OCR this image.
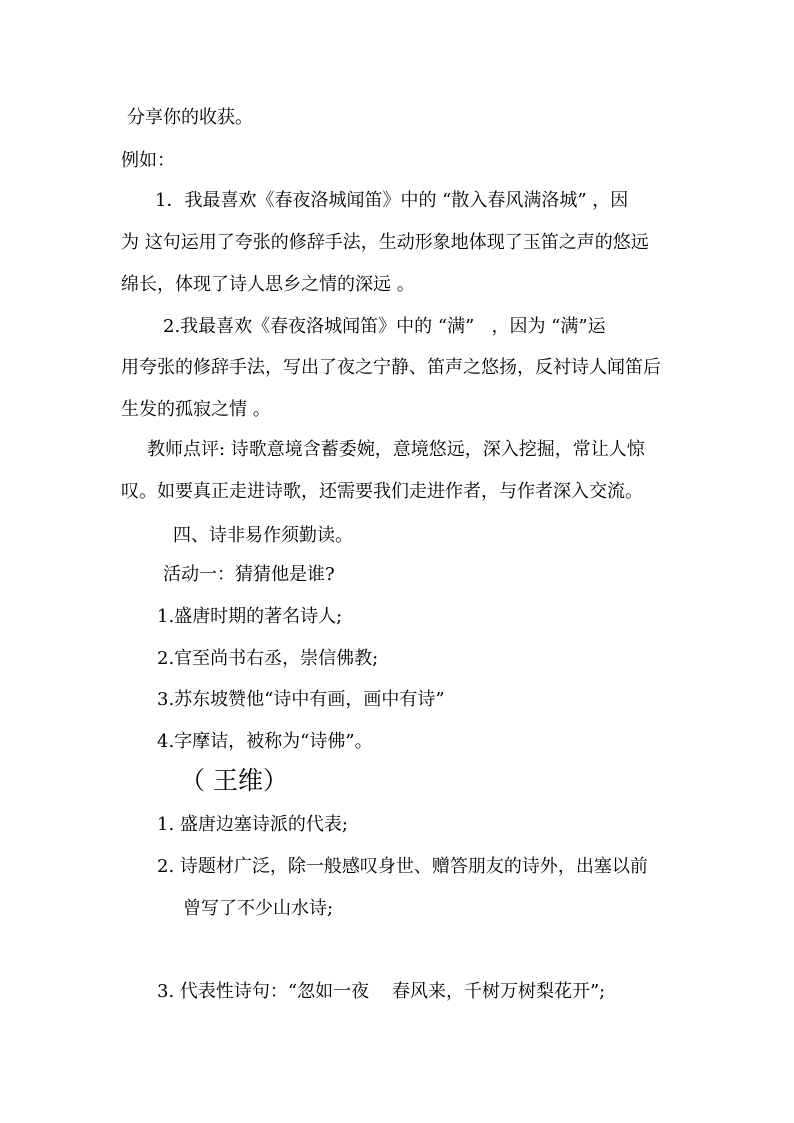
分享你的收获。
例如：
1．我最喜欢《春夜洛城闻笛》中的 “散入春风满洛城” ，因
为 这句运用了夸张的修辞手法，生动形象地体现了玉笛之声的悠远
绵长，体现了诗人思乡之情的深远 。
2.我最喜欢《春夜洛城闻笛》中的 “满”   ，因为 “满”运
用夸张的修辞手法，写出了夜之宁静、笛声之悠扬，反衬诗人闻笛后
生发的孤寂之情 。
教师点评: 诗歌意境含蓄委婉，意境悠远，深入挖掘，常让人惊
叹。如要真正走进诗歌，还需要我们走进作者，与作者深入交流。
四、诗非易作须勤读。
活动一：猜猜他是谁?
1.盛唐时期的著名诗人;
2.官至尚书右丞，崇信佛教;
3.苏东坡赞他“诗中有画，画中有诗”
4.字摩诘，被称为“诗佛”。
（ 王维）
1. 盛唐边塞诗派的代表;
2. 诗题材广泛，除一般感叹身世、赠答朋友的诗外，出塞以前
曾写了不少山水诗;
3. 代表性诗句：“忽如一夜    春风来，千树万树梨花开”;
